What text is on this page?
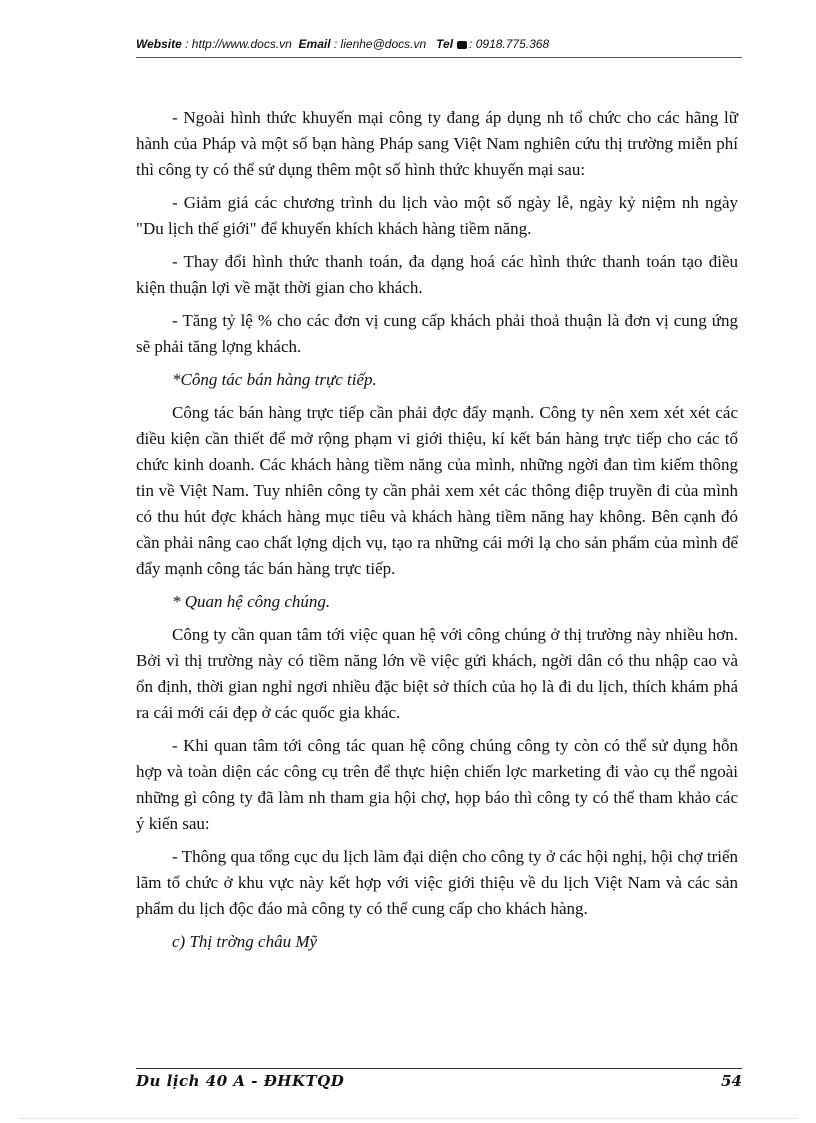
Website : http://www.docs.vn Email : lienhe@docs.vn Tel : 0918.775.368

- Ngoài hình thức khuyến mại công ty đang áp dụng nh tổ chức cho các hãng lữ hành của Pháp và một số bạn hàng Pháp sang Việt Nam nghiên cứu thị trường miễn phí thì công ty có thể sử dụng thêm một số hình thức khuyến mại sau:

- Giảm giá các chương trình du lịch vào một số ngày lễ, ngày kỷ niệm nh ngày "Du lịch thế giới" để khuyến khích khách hàng tiềm năng.

- Thay đổi hình thức thanh toán, đa dạng hoá các hình thức thanh toán tạo điều kiện thuận lợi về mặt thời gian cho khách.

- Tăng tỷ lệ % cho các đơn vị cung cấp khách phải thoả thuận là đơn vị cung ứng sẽ phải tăng lợng khách.

*Công tác bán hàng trực tiếp.

Công tác bán hàng trực tiếp cần phải đợc đẩy mạnh. Công ty nên xem xét xét các điều kiện cần thiết để mở rộng phạm vi giới thiệu, kí kết bán hàng trực tiếp cho các tổ chức kinh doanh. Các khách hàng tiềm năng của mình, những ngời đan tìm kiếm thông tin về Việt Nam. Tuy nhiên công ty cần phải xem xét các thông điệp truyền đi của mình có thu hút đợc khách hàng mục tiêu và khách hàng tiềm năng hay không. Bên cạnh đó cần phải nâng cao chất lợng dịch vụ, tạo ra những cái mới lạ cho sản phẩm của mình để đẩy mạnh công tác bán hàng trực tiếp.

* Quan hệ công chúng.

Công ty cần quan tâm tới việc quan hệ với công chúng ở thị trường này nhiều hơn. Bởi vì thị trường này có tiềm năng lớn về việc gửi khách, ngời dân có thu nhập cao và ổn định, thời gian nghỉ ngơi nhiều đặc biệt sở thích của họ là đi du lịch, thích khám phá ra cái mới cái đẹp ở các quốc gia khác.

- Khi quan tâm tới công tác quan hệ công chúng công ty còn có thể sử dụng hỗn hợp và toàn diện các công cụ trên để thực hiện chiến lợc marketing đi vào cụ thể ngoài những gì công ty đã làm nh tham gia hội chợ, họp báo thì công ty có thể tham khảo các ý kiến sau:

- Thông qua tổng cục du lịch làm đại diện cho công ty ở các hội nghị, hội chợ triển lãm tổ chức ở khu vực này kết hợp với việc giới thiệu về du lịch Việt Nam và các sản phẩm du lịch độc đáo mà công ty có thể cung cấp cho khách hàng.

c) Thị trờng châu Mỹ

Du lịch 40 A - ĐHKTQD	54
